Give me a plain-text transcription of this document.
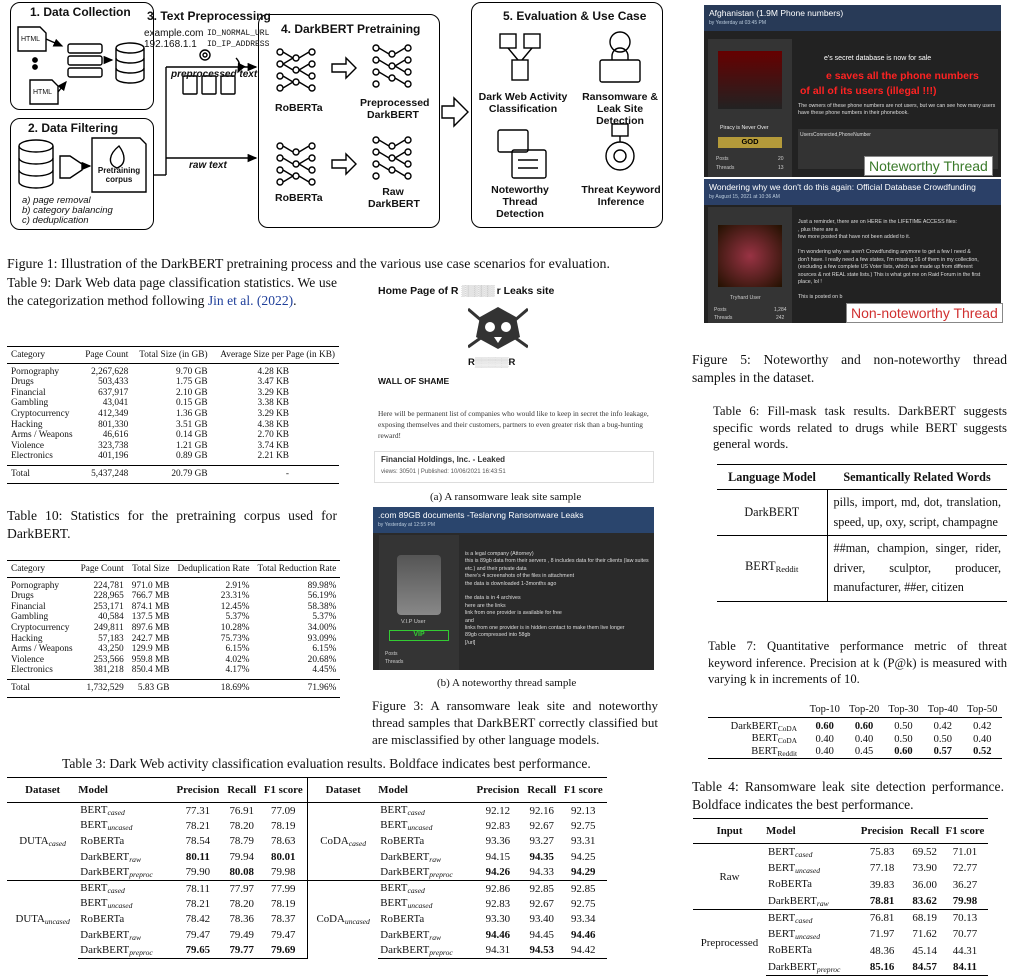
1. Data Collection
2. Data Filtering
4. DarkBERT Pretraining
5. Evaluation & Use Case
3. Text Preprocessing
HTML
HTML
example.com ID_NORMAL_URL
192.168.1.1 ID_IP_ADDRESS
preprocessed text
raw text
Pretraining corpus
a) page removal
b) category balancing
c) deduplication
RoBERTa
RoBERTa
Preprocessed DarkBERT
Raw DarkBERT
Dark Web Activity Classification
Ransomware & Leak Site Detection
Noteworthy Thread Detection
Threat Keyword Inference
Figure 1: Illustration of the DarkBERT pretraining process and the various use case scenarios for evaluation.
Table 9: Dark Web data page classification statistics. We use the categorization method following Jin et al. (2022).
Category	Page Count	Total Size (in GB)	Average Size per Page (in KB)
Pornography	2,267,628	9.70 GB	4.28 KB
Drugs	503,433	1.75 GB	3.47 KB
Financial	637,917	2.10 GB	3.29 KB
Gambling	43,041	0.15 GB	3.38 KB
Cryptocurrency	412,349	1.36 GB	3.29 KB
Hacking	801,330	3.51 GB	4.38 KB
Arms / Weapons	46,616	0.14 GB	2.70 KB
Violence	323,738	1.21 GB	3.74 KB
Electronics	401,196	0.89 GB	2.21 KB
Total	5,437,248	20.79 GB	-
Table 10: Statistics for the pretraining corpus used for DarkBERT.
Category	Page Count	Total Size	Deduplication Rate	Total Reduction Rate
Pornography	224,781	971.0 MB	2.91%	89.98%
Drugs	228,965	766.7 MB	23.31%	56.19%
Financial	253,171	874.1 MB	12.45%	58.38%
Gambling	40,584	137.5 MB	5.37%	5.37%
Cryptocurrency	249,811	897.6 MB	10.28%	34.00%
Hacking	57,183	242.7 MB	75.73%	93.09%
Arms / Weapons	43,250	129.9 MB	6.15%	6.15%
Violence	253,566	959.8 MB	4.02%	20.68%
Electronics	381,218	850.4 MB	4.17%	4.45%
Total	1,732,529	5.83 GB	18.69%	71.96%
Home Page of R ▒▒▒▒▒ r Leaks site
R▒▒▒▒▒R
WALL OF SHAME
Here will be permanent list of companies who would like to keep in secret the info leakage, exposing themselves and their customers, partners to even greater risk than a bug-hunting reward!
Financial Holdings, Inc. - Leaked
views: 30501 | Published: 10/06/2021 16:43:51
(a) A ransomware leak site sample
.com 89GB documents -Teslarvng Ransomware Leaks
by Yesterday at 12:55 PM
V.I.P User
VIP
Posts
Threads
is a legal company (Attorney)
this is 89gb data from their servers , 8 includes data for their clients (law suites
etc.) and their private data
there's 4 screenshots of the files in attachment
the data is downloaded 1-3months ago
the data is in 4 archives
here are the links
link from one provider is available for free
and
links from one provider is in hidden contact to make them live longer
89gb compressed into 58gb
[/url]
(b) A noteworthy thread sample
Figure 3: A ransomware leak site and noteworthy thread samples that DarkBERT correctly classified but are misclassified by other language models.
Afghanistan (1.9M Phone numbers)
by Yesterday at 03:45 PM
Piracy is Never Over
GOD
Posts	20
Threads	13
e's secret database is now for sale
e saves all the phone numbers
of all of its users (illegal !!!)
The owners of these phone numbers are not users, but we can see how many users have these phone numbers in their phonebook.
UsersConnected,PhoneNumber
Noteworthy Thread
Wondering why we don't do this again: Official Database Crowdfunding
by August 15, 2021 at 10:36 AM
Tryhard User
Posts	1,284
Threads	242
Just a reminder, there are on HERE in the LIFETIME ACCESS files:
, plus there are a
few more posted that have not been added to it.
I'm wondering why we aren't Crowdfunding anymore to get a few I need &
don't have. I really need a few states, I'm missing 16 of them in my collection,
(excluding a few complete US Voter lists, which are made up from different
sources & not REAL state lists.) This is what got me on Raid Forum in the first
place, lol !
This is posted on b
Non-noteworthy Thread
Figure 5: Noteworthy and non-noteworthy thread samples in the dataset.
Table 6: Fill-mask task results. DarkBERT suggests specific words related to drugs while BERT suggests general words.
Language Model	Semantically Related Words
DarkBERT	pills, import, md, dot, translation, speed, up, oxy, script, champagne
$BERT_{Reddit}$	##man, champion, singer, rider, driver, sculptor, producer, manufacturer, ##er, citizen
Table 7: Quantitative performance metric of threat keyword inference. Precision at k (P@k) is measured with varying k in increments of 10.
	Top-10	Top-20	Top-30	Top-40	Top-50
DarkBERT$_{CoDA}$	0.60	0.60	0.50	0.42	0.42
$BERT_{CoDA}$	0.40	0.40	0.50	0.50	0.40
$BERT_{Reddit}$	0.40	0.45	0.60	0.57	0.52
Table 3: Dark Web activity classification evaluation results. Boldface indicates best performance.
Dataset	Model	Precision	Recall	F1 score	Dataset	Model	Precision	Recall	F1 score
$DUTA_{cased}$	$BERT_{cased}$	77.31	76.91	77.09	CoDA$_{cased}$	$BERT_{cased}$	92.12	92.16	92.13
	$BERT_{uncased}$	78.21	78.20	78.19		$BERT_{uncased}$	92.83	92.67	92.75
	RoBERTa	78.54	78.79	78.63		RoBERTa	93.36	93.27	93.31
	DarkBERT$_{raw}$	80.11	79.94	80.01		DarkBERT$_{raw}$	94.15	94.35	94.25
	DarkBERT$_{preproc}$	79.90	80.08	79.98		DarkBERT$_{preproc}$	94.26	94.33	94.29
$DUTA_{uncased}$	$BERT_{cased}$	78.11	77.97	77.99	CoDA$_{uncased}$	$BERT_{cased}$	92.86	92.85	92.85
	$BERT_{uncased}$	78.21	78.20	78.19		$BERT_{uncased}$	92.83	92.67	92.75
	RoBERTa	78.42	78.36	78.37		RoBERTa	93.30	93.40	93.34
	DarkBERT$_{raw}$	79.47	79.49	79.47		DarkBERT$_{raw}$	94.46	94.45	94.46
	DarkBERT$_{preproc}$	79.65	79.77	79.69		DarkBERT$_{preproc}$	94.31	94.53	94.42
Table 4: Ransomware leak site detection performance. Boldface indicates the best performance.
Input	Model	Precision	Recall	F1 score
Raw	$BERT_{cased}$	75.83	69.52	71.01
	$BERT_{uncased}$	77.18	73.90	72.77
	RoBERTa	39.83	36.00	36.27
	DarkBERT$_{raw}$	78.81	83.62	79.98
Preprocessed	$BERT_{cased}$	76.81	68.19	70.13
	$BERT_{uncased}$	71.97	71.62	70.77
	RoBERTa	48.36	45.14	44.31
	DarkBERT$_{preproc}$	85.16	84.57	84.11
